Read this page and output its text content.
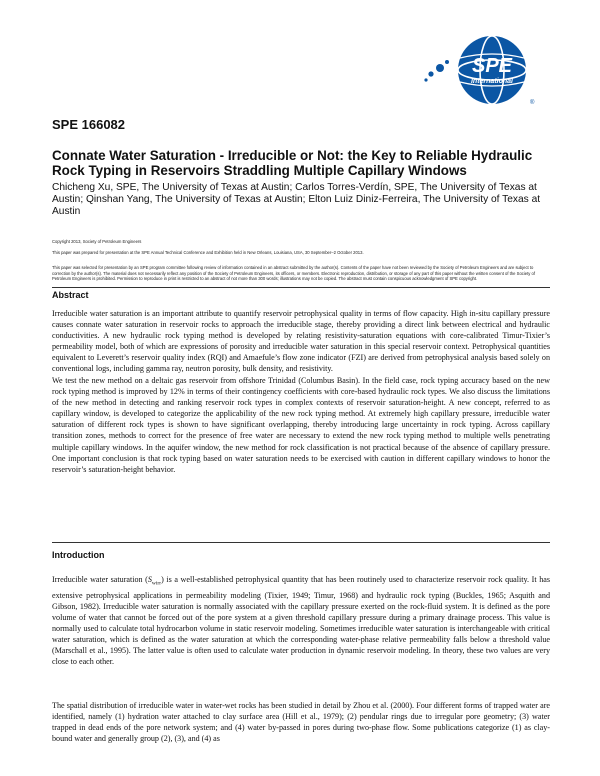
SPE
International
®

SPE 166082

Connate Water Saturation - Irreducible or Not: the Key to Reliable Hydraulic Rock Typing in Reservoirs Straddling Multiple Capillary Windows

Chicheng Xu, SPE, The University of Texas at Austin; Carlos Torres-Verdín, SPE, The University of Texas at Austin; Qinshan Yang, The University of Texas at Austin; Elton Luiz Diniz-Ferreira, The University of Texas at Austin

Copyright 2013, Society of Petroleum Engineers

This paper was prepared for presentation at the SPE Annual Technical Conference and Exhibition held in New Orleans, Louisiana, USA, 30 September–2 October 2013.

This paper was selected for presentation by an SPE program committee following review of information contained in an abstract submitted by the author(s). Contents of the paper have not been reviewed by the Society of Petroleum Engineers and are subject to correction by the author(s). The material does not necessarily reflect any position of the Society of Petroleum Engineers, its officers, or members. Electronic reproduction, distribution, or storage of any part of this paper without the written consent of the Society of Petroleum Engineers is prohibited. Permission to reproduce in print is restricted to an abstract of not more than 300 words; illustrations may not be copied. The abstract must contain conspicuous acknowledgment of SPE copyright.

Abstract

Irreducible water saturation is an important attribute to quantify reservoir petrophysical quality in terms of flow capacity. High in-situ capillary pressure causes connate water saturation in reservoir rocks to approach the irreducible stage, thereby providing a direct link between electrical and hydraulic conductivities. A new hydraulic rock typing method is developed by relating resistivity-saturation equations with core-calibrated Timur-Tixier’s permeability model, both of which are expressions of porosity and irreducible water saturation in this special reservoir context. Petrophysical quantities equivalent to Leverett’s reservoir quality index (RQI) and Amaefule’s flow zone indicator (FZI) are derived from petrophysical analysis based solely on conventional logs, including gamma ray, neutron porosity, bulk density, and resistivity.

We test the new method on a deltaic gas reservoir from offshore Trinidad (Columbus Basin). In the field case, rock typing accuracy based on the new rock typing method is improved by 12% in terms of their contingency coefficients with core-based hydraulic rock types. We also discuss the limitations of the new method in detecting and ranking reservoir rock types in complex contexts of reservoir saturation-height. A new concept, referred to as capillary window, is developed to categorize the applicability of the new rock typing method. At extremely high capillary pressure, irreducible water saturation of different rock types is shown to have significant overlapping, thereby introducing large uncertainty in rock typing. Across capillary transition zones, methods to correct for the presence of free water are necessary to extend the new rock typing method to multiple wells penetrating multiple capillary windows. In the aquifer window, the new method for rock classification is not practical because of the absence of capillary pressure. One important conclusion is that rock typing based on water saturation needs to be exercised with caution in different capillary windows to honor the reservoir’s saturation-height behavior.

Introduction

Irreducible water saturation $(S_{wirr})$ is a well-established petrophysical quantity that has been routinely used to characterize reservoir rock quality. It has extensive petrophysical applications in permeability modeling (Tixier, 1949; Timur, 1968) and hydraulic rock typing (Buckles, 1965; Asquith and Gibson, 1982). Irreducible water saturation is normally associated with the capillary pressure exerted on the rock-fluid system. It is defined as the pore volume of water that cannot be forced out of the pore system at a given threshold capillary pressure during a primary drainage process. This value is normally used to calculate total hydrocarbon volume in static reservoir modeling. Sometimes irreducible water saturation is interchangeable with critical water saturation, which is defined as the water saturation at which the corresponding water-phase relative permeability falls below a threshold value (Marschall et al., 1995). The latter value is often used to calculate water production in dynamic reservoir modeling. In theory, these two values are very close to each other.

The spatial distribution of irreducible water in water-wet rocks has been studied in detail by Zhou et al. (2000). Four different forms of trapped water are identified, namely (1) hydration water attached to clay surface area (Hill et al., 1979); (2) pendular rings due to irregular pore geometry; (3) water trapped in dead ends of the pore network system; and (4) water by-passed in pores during two-phase flow. Some publications categorize (1) as clay-bound water and generally group (2), (3), and (4) as
